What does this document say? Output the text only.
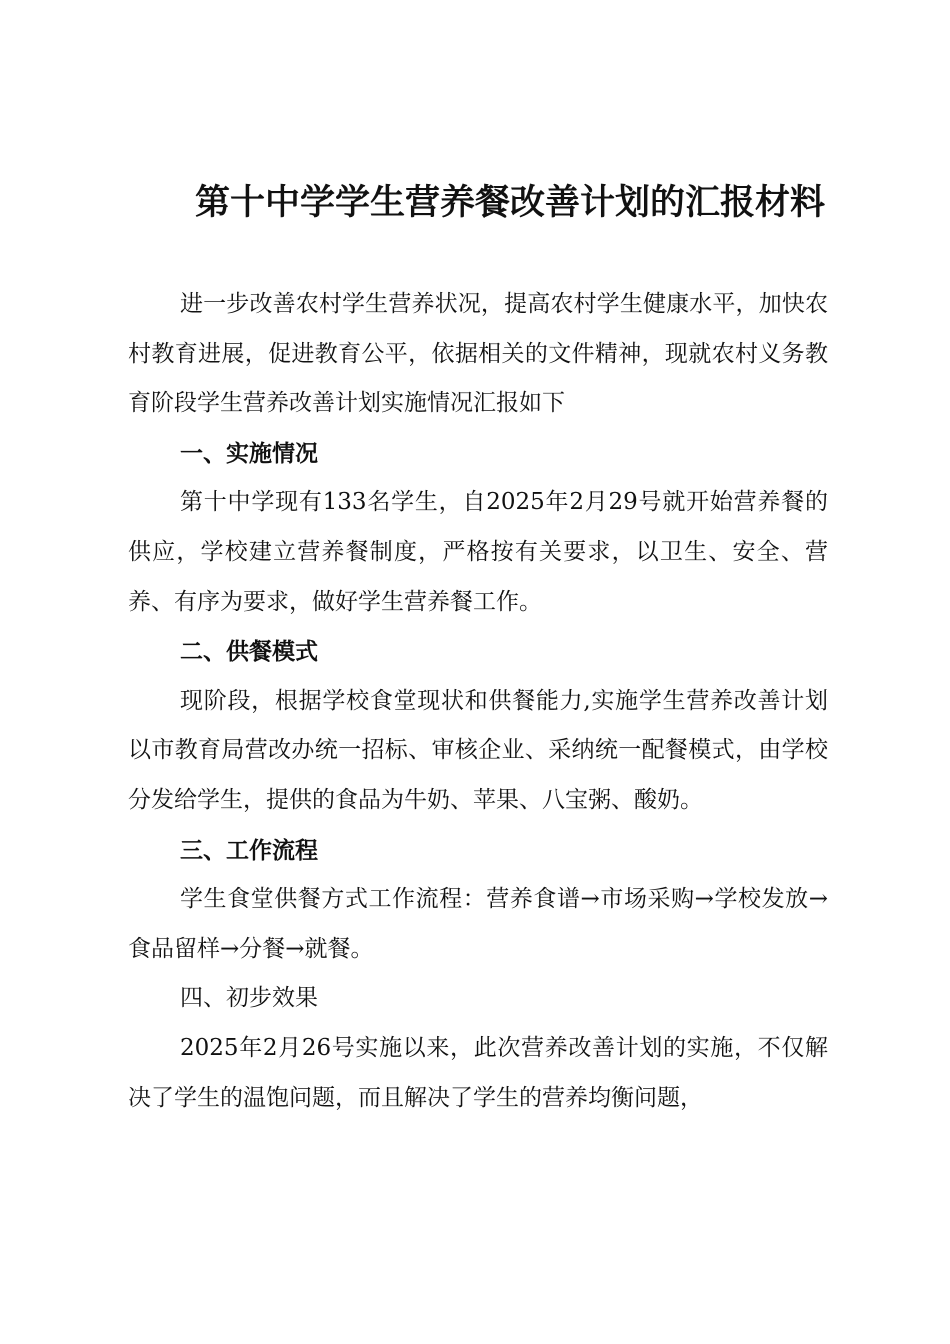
第十中学学生营养餐改善计划的汇报材料

进一步改善农村学生营养状况，提高农村学生健康水平，加快农村教育进展，促进教育公平，依据相关的文件精神，现就农村义务教育阶段学生营养改善计划实施情况汇报如下

一、实施情况

第十中学现有133名学生，自2025年2月29号就开始营养餐的供应，学校建立营养餐制度，严格按有关要求，以卫生、安全、营养、有序为要求，做好学生营养餐工作。

二、供餐模式

现阶段，根据学校食堂现状和供餐能力,实施学生营养改善计划以市教育局营改办统一招标、审核企业、采纳统一配餐模式，由学校分发给学生，提供的食品为牛奶、苹果、八宝粥、酸奶。

三、工作流程

学生食堂供餐方式工作流程：营养食谱→市场采购→学校发放→食品留样→分餐→就餐。

四、初步效果

2025年2月26号实施以来，此次营养改善计划的实施，不仅解决了学生的温饱问题，而且解决了学生的营养均衡问题，
